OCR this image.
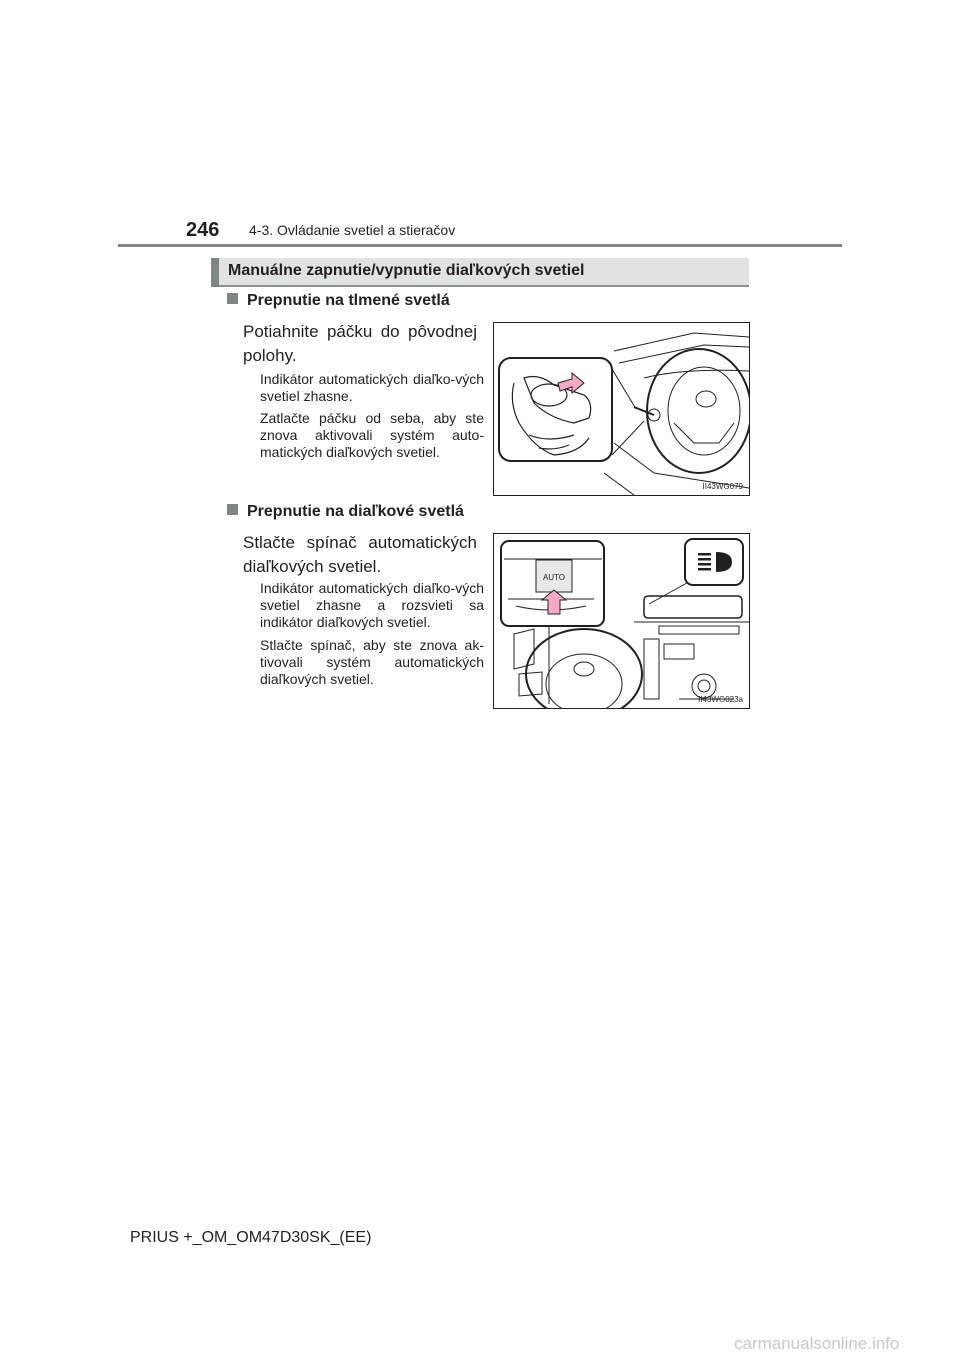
246 4-3. Ovládanie svetiel a stieračov
Manuálne zapnutie/vypnutie diaľkových svetiel
Prepnutie na tlmené svetlá
Potiahnite páčku do pôvodnej polohy.
Indikátor automatických diaľko-vých svetiel zhasne.
Zatlačte páčku od seba, aby ste znova aktivovali systém auto-matických diaľkových svetiel.
II43WG079
Prepnutie na diaľkové svetlá
Stlačte spínač automatických diaľkových svetiel.
Indikátor automatických diaľko-vých svetiel zhasne a rozsvieti sa indikátor diaľkových svetiel.
Stlačte spínač, aby ste znova ak-tivovali systém automatických diaľkových svetiel.
AUTO
II43WG023a
PRIUS +_OM_OM47D30SK_(EE)
carmanualsonline.info
